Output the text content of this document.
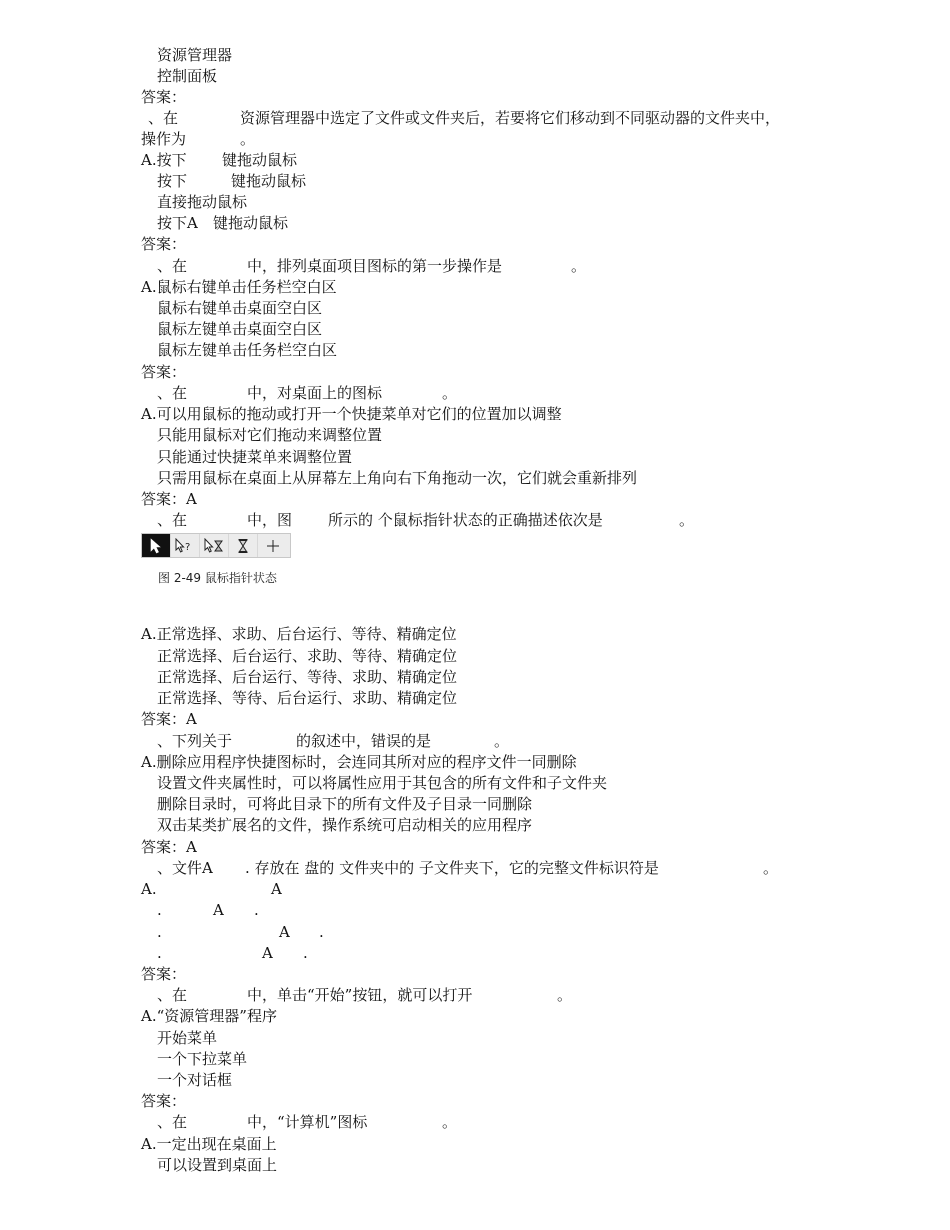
资源管理器
控制面板
答案：

、在

	资源管理器中选定了文件或文件夹后，若要将它们移动到不同驱动器的文件夹中，

操作为

	。

A.按下

键拖动鼠标

按下

	键拖动鼠标

直接拖动鼠标

按下A

键拖动鼠标

答案：

、在

	中，排列桌面项目图标的第一步操作是

	。

A.鼠标右键单击任务栏空白区
鼠标右键单击桌面空白区
鼠标左键单击桌面空白区
鼠标左键单击任务栏空白区
答案：

、在

	中，对桌面上的图标

	。

A.可以用鼠标的拖动或打开一个快捷菜单对它们的位置加以调整
只能用鼠标对它们拖动来调整位置
只能通过快捷菜单来调整位置
只需用鼠标在桌面上从屏幕左上角向右下角拖动一次，它们就会重新排列
答案：A

、在

	中，图

所示的 个鼠标指针状态的正确描述依次是

	。

?
图 2-49 鼠标指针状态
A.正常选择、求助、后台运行、等待、精确定位
正常选择、后台运行、求助、等待、精确定位
正常选择、后台运行、等待、求助、精确定位
正常选择、等待、后台运行、求助、精确定位
答案：A

、下列关于

	的叙述中，错误的是

	。

A.删除应用程序快捷图标时，会连同其所对应的程序文件一同删除
设置文件夹属性时，可以将属性应用于其包含的所有文件和子文件夹
删除目录时，可将此目录下的所有文件及子目录一同删除
双击某类扩展名的文件，操作系统可启动相关的应用程序
答案：A

、文件A

. 存放在 盘的 文件夹中的 子文件夹下，它的完整文件标识符是

	。

A.

	A

.

	A

.

.

	A

.

.

	A

.

答案：

、在

	中，单击“开始”按钮，就可以打开

	。

A.“资源管理器”程序
开始菜单
一个下拉菜单
一个对话框
答案：

、在

	中，“计算机”图标

	。

A.一定出现在桌面上
可以设置到桌面上
